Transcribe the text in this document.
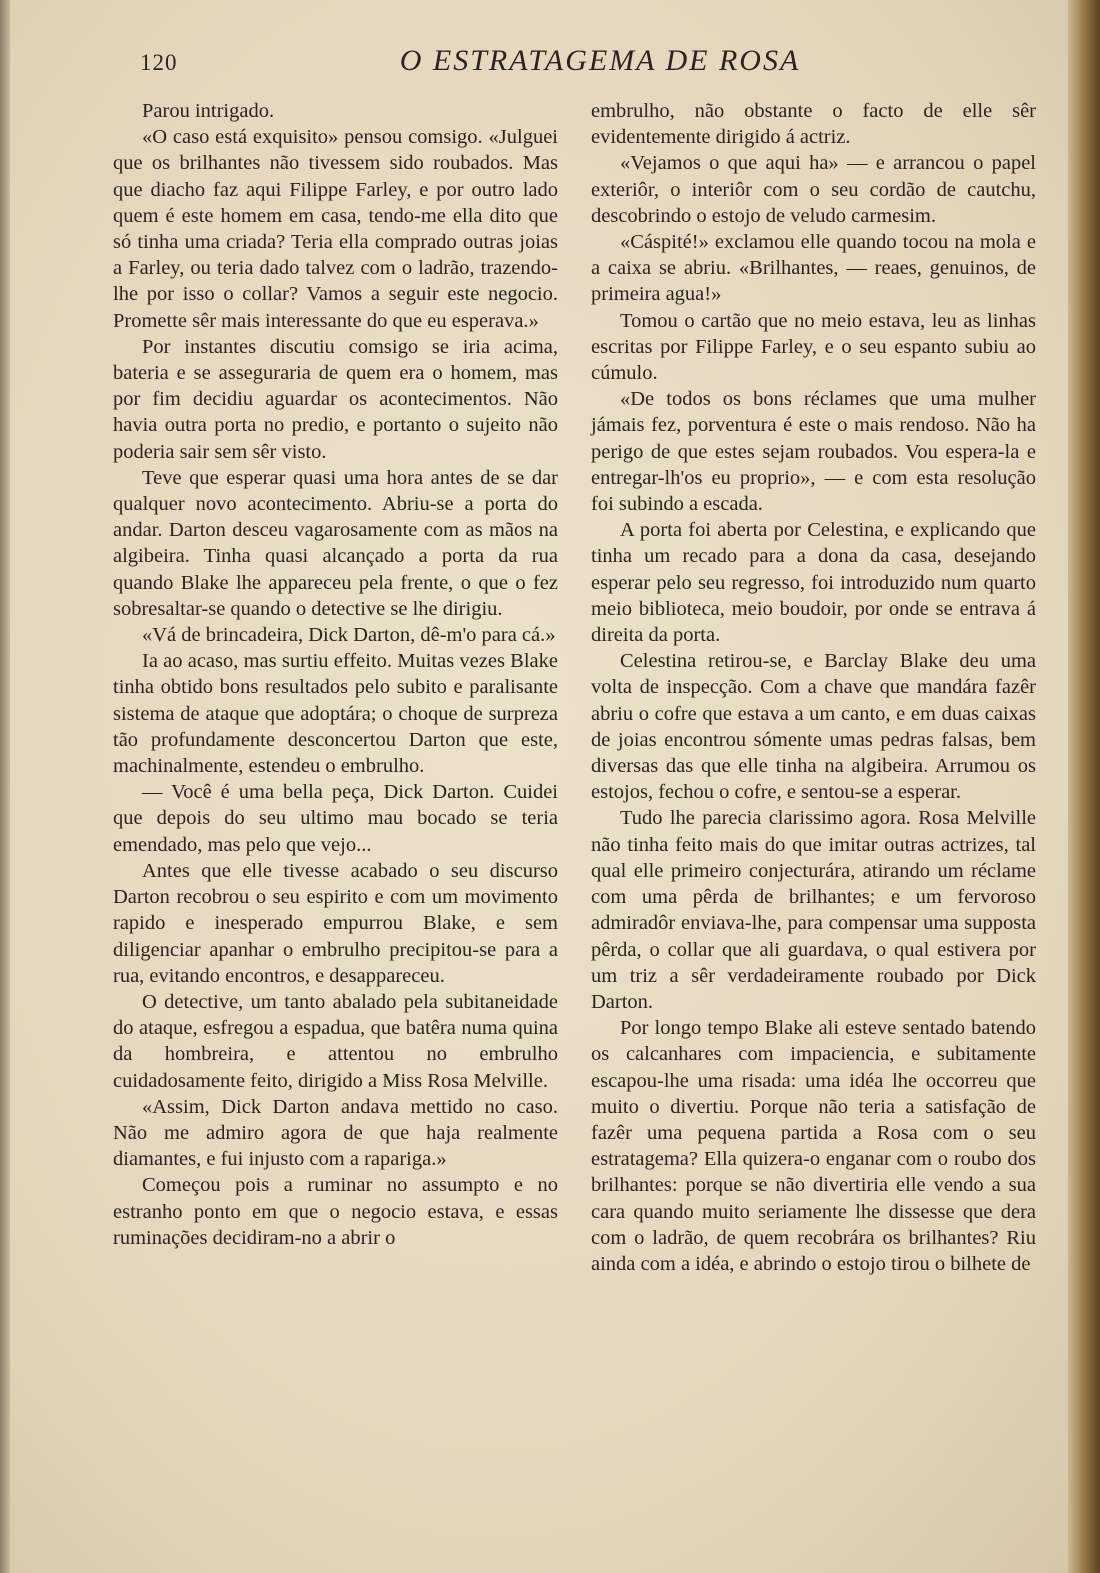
120	O ESTRATAGEMA DE ROSA

Parou intrigado.

«O caso está exquisito» pensou comsigo. «Julguei que os brilhantes não tivessem sido roubados. Mas que diacho faz aqui Filippe Farley, e por outro lado quem é este homem em casa, tendo-me ella dito que só tinha uma criada? Teria ella comprado outras joias a Farley, ou teria dado talvez com o ladrão, trazendo-lhe por isso o collar? Vamos a seguir este negocio. Promette sêr mais interessante do que eu esperava.»

Por instantes discutiu comsigo se iria acima, bateria e se asseguraria de quem era o homem, mas por fim decidiu aguardar os acontecimentos. Não havia outra porta no predio, e portanto o sujeito não poderia sair sem sêr visto.

Teve que esperar quasi uma hora antes de se dar qualquer novo acontecimento. Abriu-se a porta do andar. Darton desceu vagarosamente com as mãos na algibeira. Tinha quasi alcançado a porta da rua quando Blake lhe appareceu pela frente, o que o fez sobresaltar-se quando o detective se lhe dirigiu.

«Vá de brincadeira, Dick Darton, dê-m'o para cá.»

Ia ao acaso, mas surtiu effeito. Muitas vezes Blake tinha obtido bons resultados pelo subito e paralisante sistema de ataque que adoptára; o choque de surpreza tão profundamente desconcertou Darton que este, machinalmente, estendeu o embrulho.

— Você é uma bella peça, Dick Darton. Cuidei que depois do seu ultimo mau bocado se teria emendado, mas pelo que vejo...

Antes que elle tivesse acabado o seu discurso Darton recobrou o seu espirito e com um movimento rapido e inesperado empurrou Blake, e sem diligenciar apanhar o embrulho precipitou-se para a rua, evitando encontros, e desappareceu.

O detective, um tanto abalado pela subitaneidade do ataque, esfregou a espadua, que batêra numa quina da hombreira, e attentou no embrulho cuidadosamente feito, dirigido a Miss Rosa Melville.

«Assim, Dick Darton andava mettido no caso. Não me admiro agora de que haja realmente diamantes, e fui injusto com a rapariga.»

Começou pois a ruminar no assumpto e no estranho ponto em que o negocio estava, e essas ruminações decidiram-no a abrir o

embrulho, não obstante o facto de elle sêr evidentemente dirigido á actriz.

«Vejamos o que aqui ha» — e arrancou o papel exteriôr, o interiôr com o seu cordão de cautchu, descobrindo o estojo de veludo carmesim.

«Cáspité!» exclamou elle quando tocou na mola e a caixa se abriu. «Brilhantes, — reaes, genuinos, de primeira agua!»

Tomou o cartão que no meio estava, leu as linhas escritas por Filippe Farley, e o seu espanto subiu ao cúmulo.

«De todos os bons réclames que uma mulher jámais fez, porventura é este o mais rendoso. Não ha perigo de que estes sejam roubados. Vou espera-la e entregar-lh'os eu proprio», — e com esta resolução foi subindo a escada.

A porta foi aberta por Celestina, e explicando que tinha um recado para a dona da casa, desejando esperar pelo seu regresso, foi introduzido num quarto meio biblioteca, meio boudoir, por onde se entrava á direita da porta.

Celestina retirou-se, e Barclay Blake deu uma volta de inspecção. Com a chave que mandára fazêr abriu o cofre que estava a um canto, e em duas caixas de joias encontrou sómente umas pedras falsas, bem diversas das que elle tinha na algibeira. Arrumou os estojos, fechou o cofre, e sentou-se a esperar.

Tudo lhe parecia clarissimo agora. Rosa Melville não tinha feito mais do que imitar outras actrizes, tal qual elle primeiro conjecturára, atirando um réclame com uma pêrda de brilhantes; e um fervoroso admiradôr enviava-lhe, para compensar uma supposta pêrda, o collar que ali guardava, o qual estivera por um triz a sêr verdadeiramente roubado por Dick Darton.

Por longo tempo Blake ali esteve sentado batendo os calcanhares com impaciencia, e subitamente escapou-lhe uma risada: uma idéa lhe occorreu que muito o divertiu. Porque não teria a satisfação de fazêr uma pequena partida a Rosa com o seu estratagema? Ella quizera-o enganar com o roubo dos brilhantes: porque se não divertiria elle vendo a sua cara quando muito seriamente lhe dissesse que dera com o ladrão, de quem recobrára os brilhantes? Riu ainda com a idéa, e abrindo o estojo tirou o bilhete de
